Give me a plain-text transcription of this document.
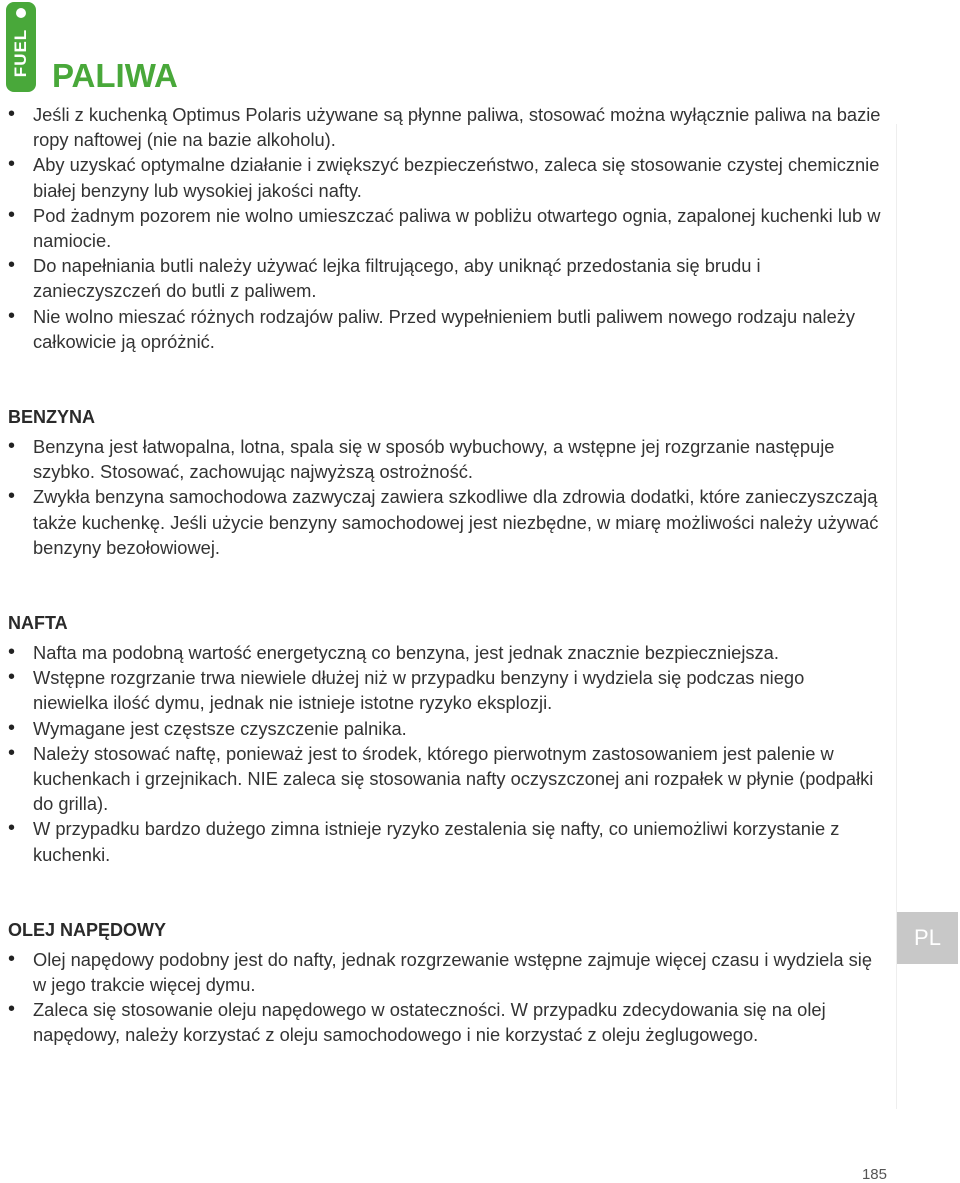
FUEL PALIWA
• Jeśli z kuchenką Optimus Polaris używane są płynne paliwa, stosować można wyłącznie paliwa na bazie ropy naftowej (nie na bazie alkoholu).
• Aby uzyskać optymalne działanie i zwiększyć bezpieczeństwo, zaleca się stosowanie czystej chemicznie białej benzyny lub wysokiej jakości nafty.
• Pod żadnym pozorem nie wolno umieszczać paliwa w pobliżu otwartego ognia, zapalonej kuchenki lub w namiocie.
• Do napełniania butli należy używać lejka filtrującego, aby uniknąć przedostania się brudu i zanieczyszczeń do butli z paliwem.
• Nie wolno mieszać różnych rodzajów paliw. Przed wypełnieniem butli paliwem nowego rodzaju należy całkowicie ją opróżnić.
BENZYNA
• Benzyna jest łatwopalna, lotna, spala się w sposób wybuchowy, a wstępne jej rozgrzanie następuje szybko. Stosować, zachowując najwyższą ostrożność.
• Zwykła benzyna samochodowa zazwyczaj zawiera szkodliwe dla zdrowia dodatki, które zanieczyszczają także kuchenkę. Jeśli użycie benzyny samochodowej jest niezbędne, w miarę możliwości należy używać benzyny bezołowiowej.
NAFTA
• Nafta ma podobną wartość energetyczną co benzyna, jest jednak znacznie bezpieczniejsza.
• Wstępne rozgrzanie trwa niewiele dłużej niż w przypadku benzyny i wydziela się podczas niego niewielka ilość dymu, jednak nie istnieje istotne ryzyko eksplozji.
• Wymagane jest częstsze czyszczenie palnika.
• Należy stosować naftę, ponieważ jest to środek, którego pierwotnym zastosowaniem jest palenie w kuchenkach i grzejnikach. NIE zaleca się stosowania nafty oczyszczonej ani rozpałek w płynie (podpałki do grilla).
• W przypadku bardzo dużego zimna istnieje ryzyko zestalenia się nafty, co uniemożliwi korzystanie z kuchenki.
OLEJ NAPĘDOWY
• Olej napędowy podobny jest do nafty, jednak rozgrzewanie wstępne zajmuje więcej czasu i wydziela się w jego trakcie więcej dymu.
• Zaleca się stosowanie oleju napędowego w ostateczności. W przypadku zdecydowania się na olej napędowy, należy korzystać z oleju samochodowego i nie korzystać z oleju żeglugowego.
PL
185
